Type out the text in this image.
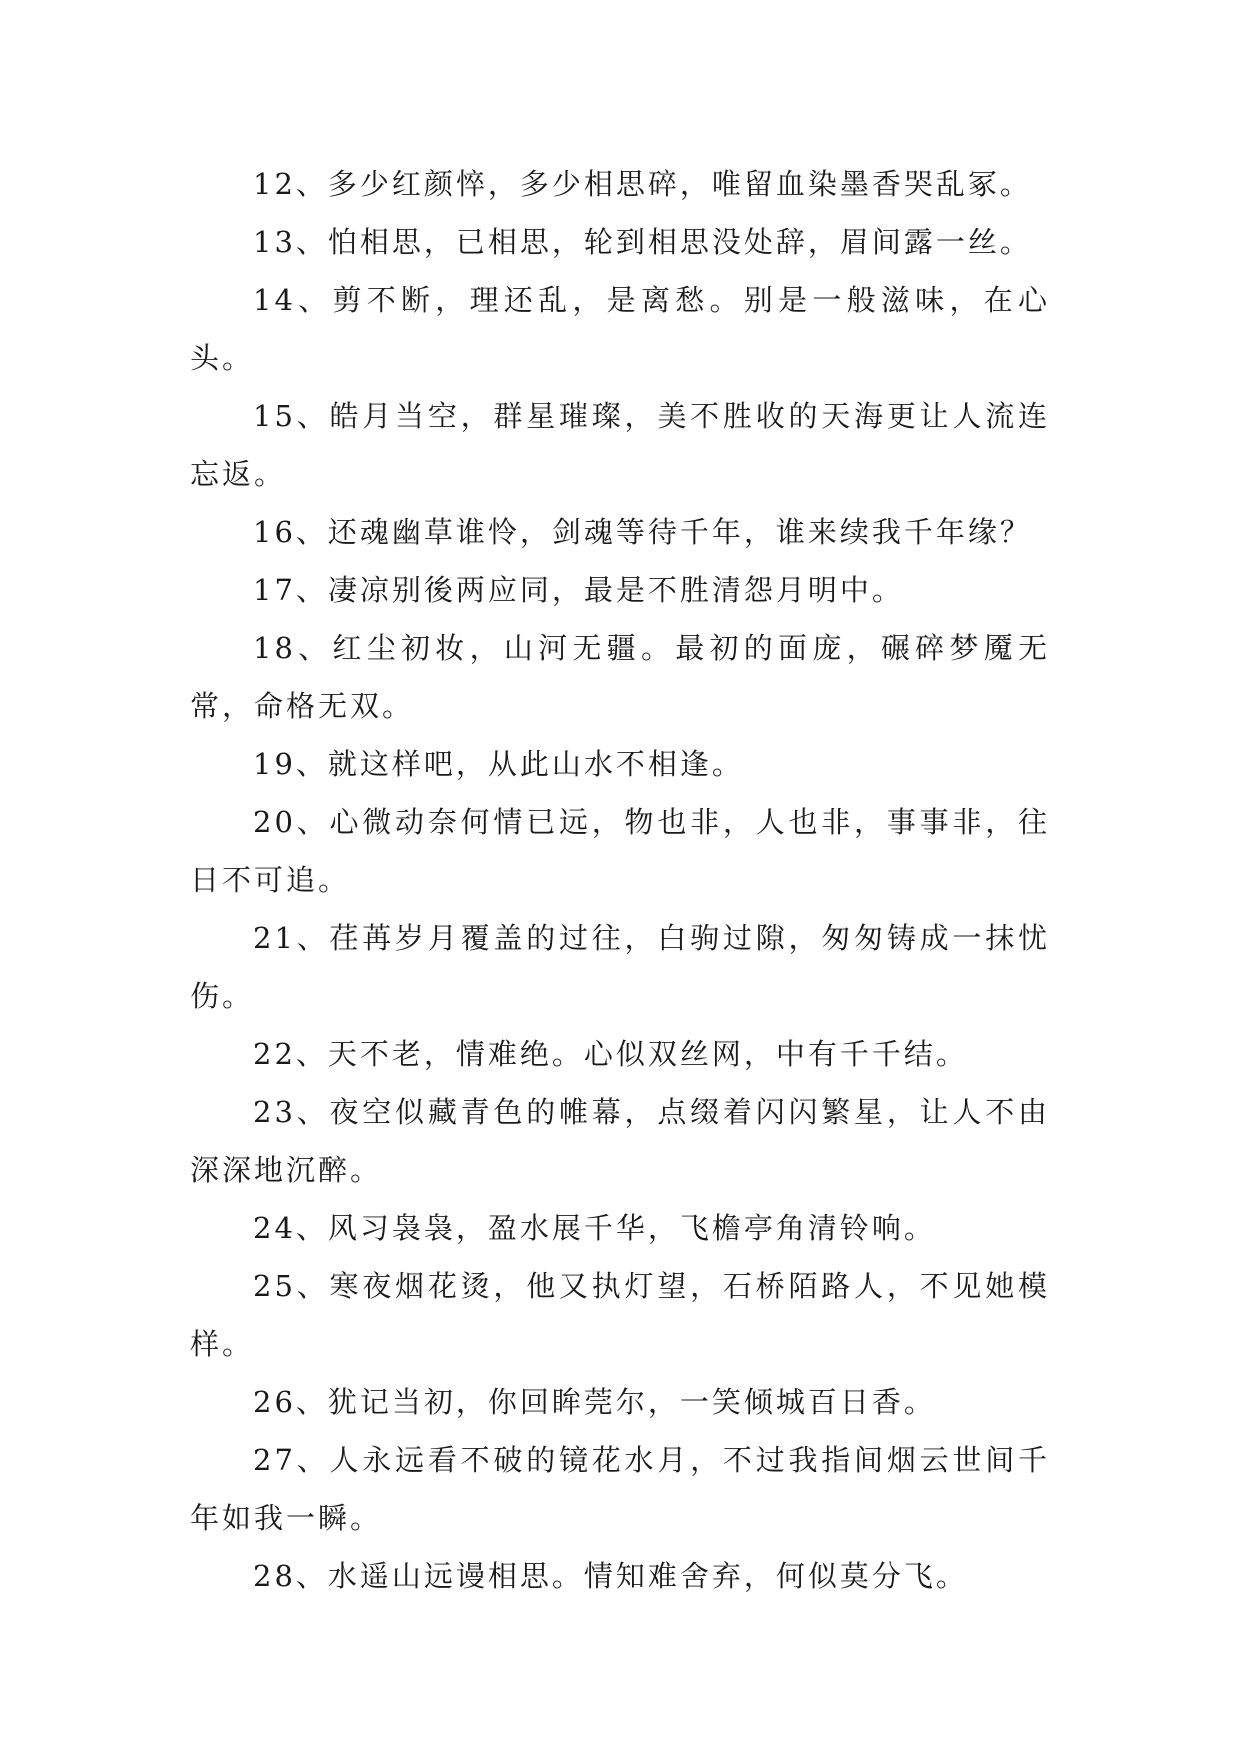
12、多少红颜悴，多少相思碎，唯留血染墨香哭乱冢。

13、怕相思，已相思，轮到相思没处辞，眉间露一丝。

14、剪不断，理还乱，是离愁。别是一般滋味，在心头。

15、皓月当空，群星璀璨，美不胜收的天海更让人流连忘返。

16、还魂幽草谁怜，剑魂等待千年，谁来续我千年缘？

17、凄凉别後两应同，最是不胜清怨月明中。

18、红尘初妆，山河无疆。最初的面庞，碾碎梦魇无常，命格无双。

19、就这样吧，从此山水不相逢。

20、心微动奈何情已远，物也非，人也非，事事非，往日不可追。

21、荏苒岁月覆盖的过往，白驹过隙，匆匆铸成一抹忧伤。

22、天不老，情难绝。心似双丝网，中有千千结。

23、夜空似藏青色的帷幕，点缀着闪闪繁星，让人不由深深地沉醉。

24、风习袅袅，盈水展千华，飞檐亭角清铃响。

25、寒夜烟花烫，他又执灯望，石桥陌路人，不见她模样。

26、犹记当初，你回眸莞尔，一笑倾城百日香。

27、人永远看不破的镜花水月，不过我指间烟云世间千年如我一瞬。

28、水遥山远谩相思。情知难舍弃，何似莫分飞。
